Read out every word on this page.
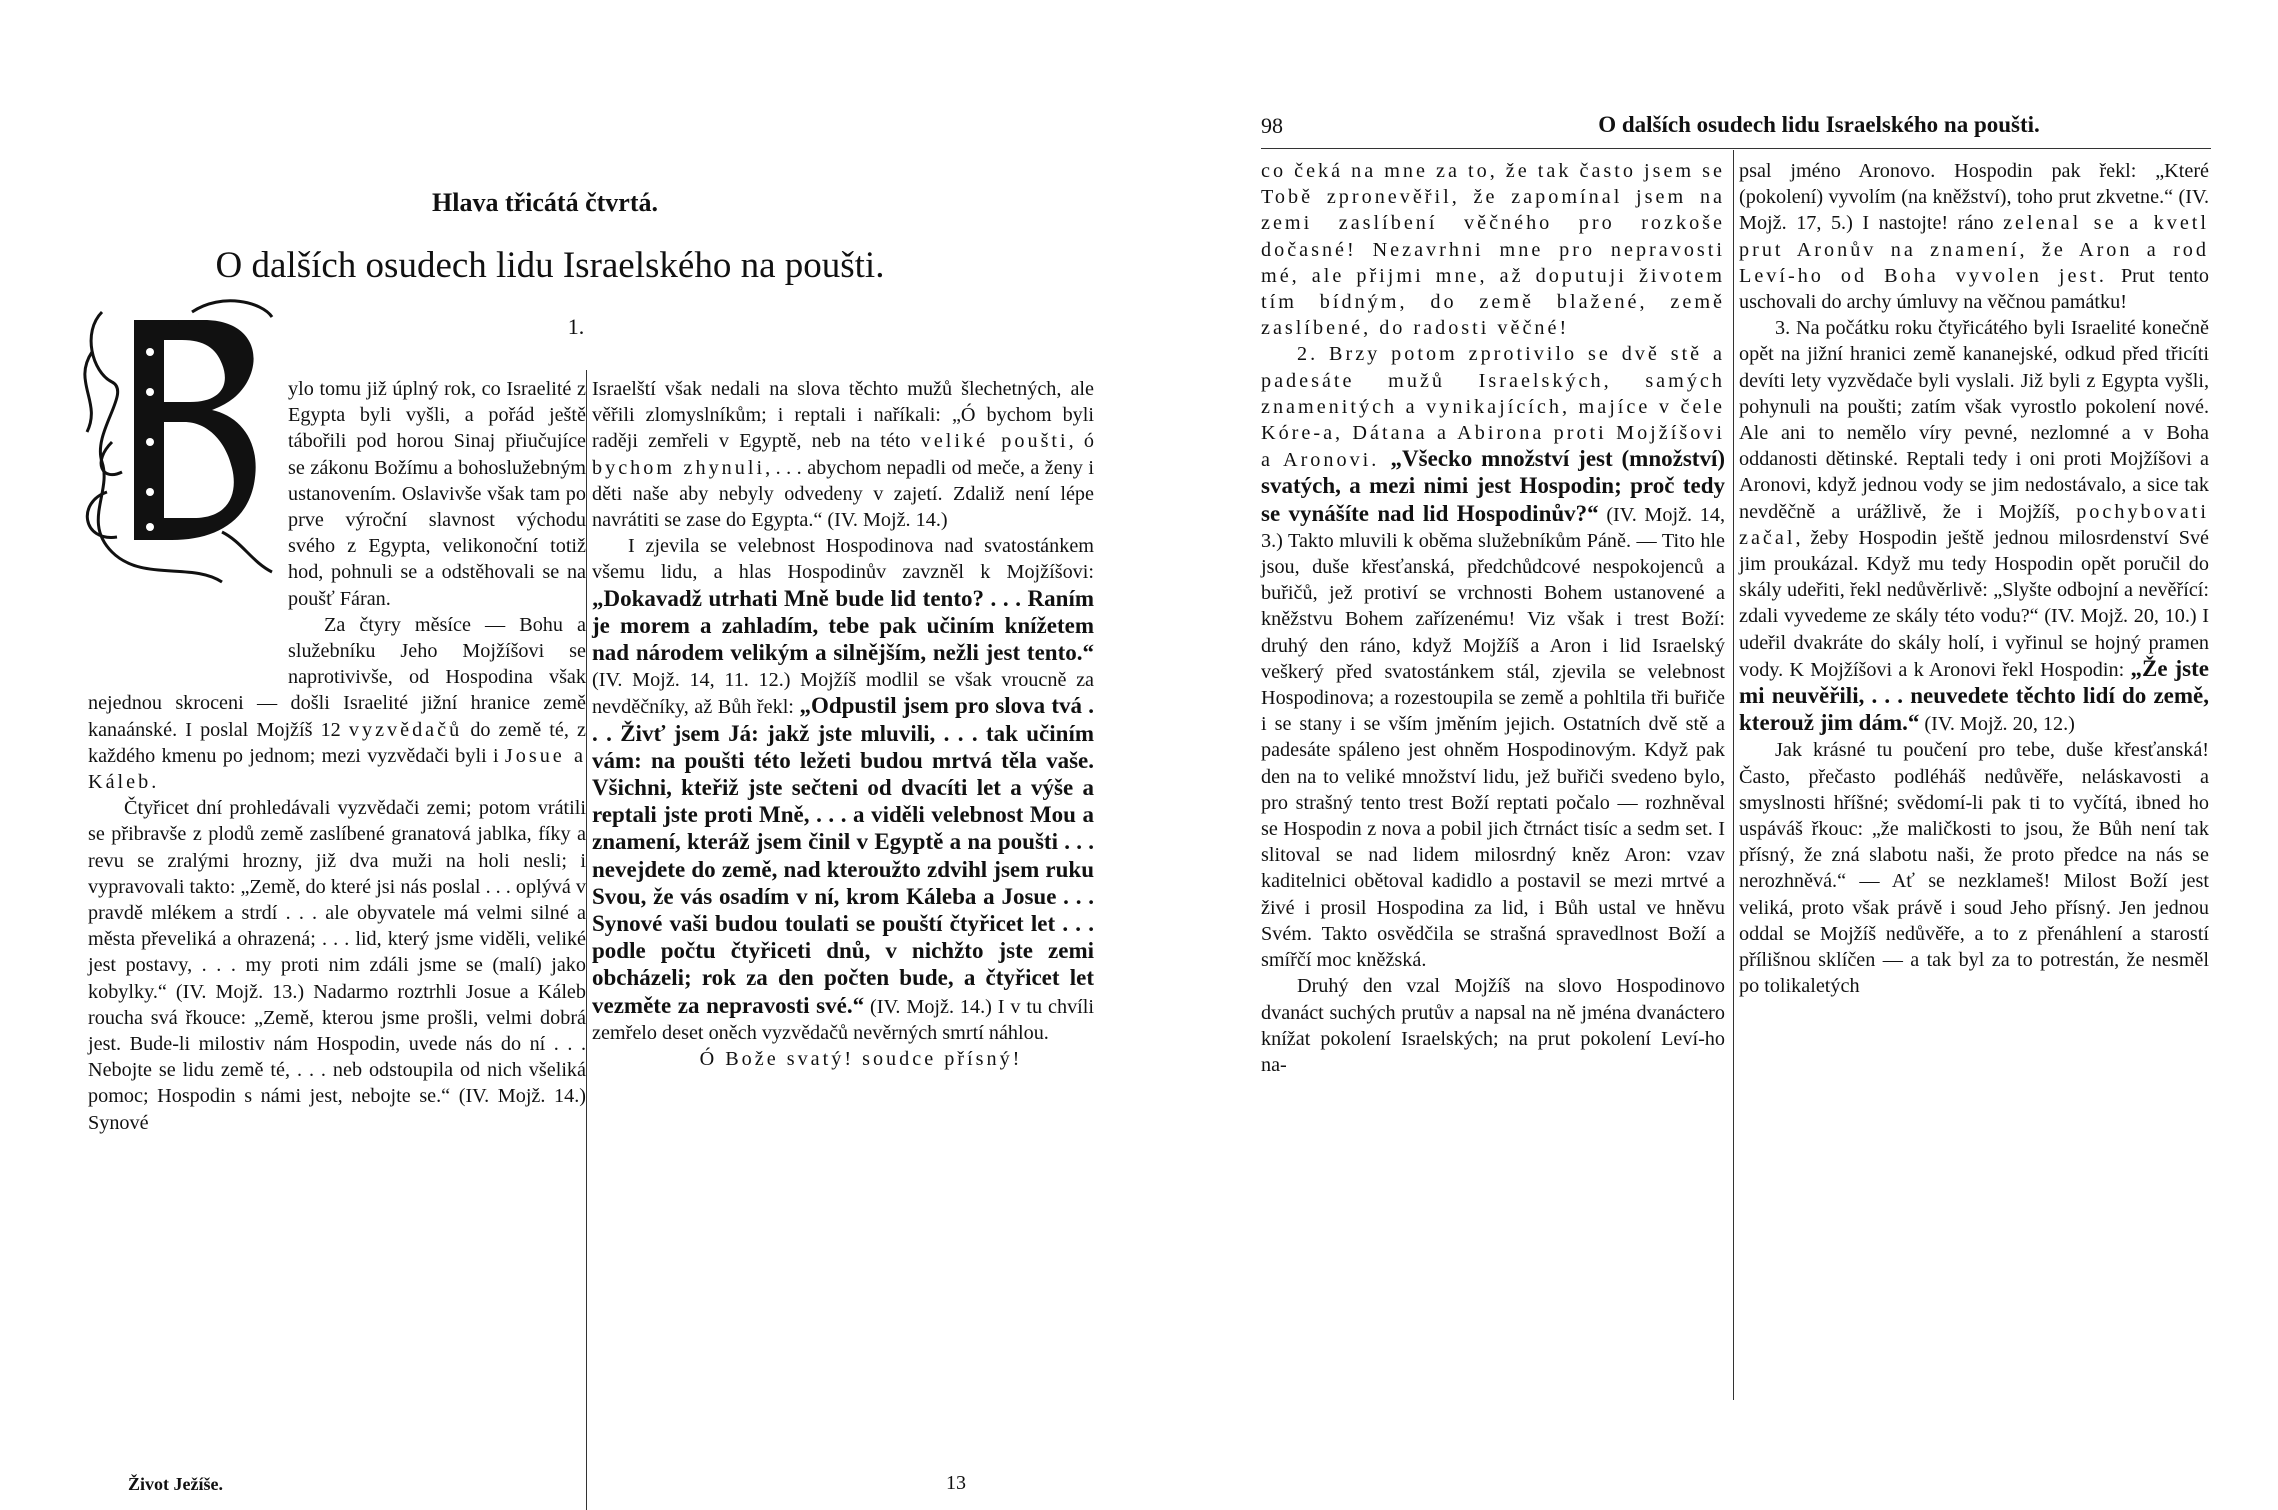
Hlava třicátá čtvrtá.
O dalších osudech lidu Israelského na poušti.
1.
B

ylo tomu již úplný rok, co Israelité z Egypta byli vyšli, a pořád ještě tábořili pod horou Sinaj přiučujíce se zákonu Božímu a bohoslužebným ustanovením. Oslavivše však tam po prve výroční slavnost východu svého z Egypta, velikonoční totiž hod, pohnuli se a odstěhovali se na poušť Fáran.

Za čtyry měsíce — Bohu a služebníku Jeho Mojžíšovi se naprotivivše, od Hospodina však nejednou skroceni — došli Israelité jižní hranice země kanaánské. I poslal Mojžíš 12 vyzvědačů do země té, z každého kmenu po jednom; mezi vyzvědači byli i Josue a Káleb.

Čtyřicet dní prohledávali vyzvědači zemi; potom vrátili se přibravše z plodů země zaslíbené granatová jablka, fíky a revu se zralými hrozny, již dva muži na holi nesli; i vypravovali takto: „Země, do které jsi nás poslal . . . oplývá v pravdě mlékem a strdí . . . ale obyvatele má velmi silné a města převeliká a ohrazená; . . . lid, který jsme viděli, veliké jest postavy, . . . my proti nim zdáli jsme se (malí) jako kobylky.“ (IV. Mojž. 13.) Nadarmo roztrhli Josue a Káleb roucha svá řkouce: „Země, kterou jsme prošli, velmi dobrá jest. Bude-li milostiv nám Hospodin, uvede nás do ní . . . Nebojte se lidu země té, . . . neb odstoupila od nich všeliká pomoc; Hospodin s námi jest, nebojte se.“ (IV. Mojž. 14.) Synové

Israelští však nedali na slova těchto mužů šlechetných, ale věřili zlomyslníkům; i reptali i naříkali: „Ó bychom byli raději zemřeli v Egyptě, neb na této veliké poušti, ó bychom zhynuli, . . . abychom nepadli od meče, a ženy i děti naše aby nebyly odvedeny v zajetí. Zdaliž není lépe navrátiti se zase do Egypta.“ (IV. Mojž. 14.)

I zjevila se velebnost Hospodinova nad svatostánkem všemu lidu, a hlas Hospodinův zavzněl k Mojžíšovi: „Dokavadž utrhati Mně bude lid tento? . . . Raním je morem a zahladím, tebe pak učiním knížetem nad národem velikým a silnějším, nežli jest tento.“ (IV. Mojž. 14, 11. 12.) Mojžíš modlil se však vroucně za nevděčníky, až Bůh řekl: „Odpustil jsem pro slova tvá . . . Živť jsem Já: jakž jste mluvili, . . . tak učiním vám: na poušti této ležeti budou mrtvá těla vaše. Všichni, kteřiž jste sečteni od dvacíti let a výše a reptali jste proti Mně, . . . a viděli velebnost Mou a znamení, kteráž jsem činil v Egyptě a na poušti . . . nevejdete do země, nad kteroužto zdvihl jsem ruku Svou, že vás osadím v ní, krom Káleba a Josue . . . Synové vaši budou toulati se pouští čtyřicet let . . . podle počtu čtyřiceti dnů, v nichžto jste zemi obcházeli; rok za den počten bude, a čtyřicet let vezměte za nepravosti své.“ (IV. Mojž. 14.) I v tu chvíli zemřelo deset oněch vyzvědačů nevěrných smrtí náhlou.

Ó Bože svatý! soudce přísný!

Život Ježíše.	13
98	O dalších osudech lidu Israelského na poušti.

co čeká na mne za to, že tak často jsem se Tobě zpronevěřil, že zapomínal jsem na zemi zaslíbení věčného pro rozkoše dočasné! Nezavrhni mne pro nepravosti mé, ale přijmi mne, až doputuji životem tím bídným, do země blažené, země zaslíbené, do radosti věčné!

2. Brzy potom zprotivilo se dvě stě a padesáte mužů Israelských, samých znamenitých a vynikajících, majíce v čele Kóre-a, Dátana a Abirona proti Mojžíšovi a Aronovi. „Všecko množství jest (množství) svatých, a mezi nimi jest Hospodin; proč tedy se vynášíte nad lid Hospodinův?“ (IV. Mojž. 14, 3.) Takto mluvili k oběma služebníkům Páně. — Tito hle jsou, duše křesťanská, předchůdcové nespokojenců a buřičů, jež protiví se vrchnosti Bohem ustanovené a kněžstvu Bohem zařízenému! Viz však i trest Boží: druhý den ráno, když Mojžíš a Aron i lid Israelský veškerý před svatostánkem stál, zjevila se velebnost Hospodinova; a rozestoupila se země a pohltila tři buřiče i se stany i se vším jměním jejich. Ostatních dvě stě a padesáte spáleno jest ohněm Hospodinovým. Když pak den na to veliké množství lidu, jež buřiči svedeno bylo, pro strašný tento trest Boží reptati počalo — rozhněval se Hospodin z nova a pobil jich čtrnáct tisíc a sedm set. I slitoval se nad lidem milosrdný kněz Aron: vzav kaditelnici obětoval kadidlo a postavil se mezi mrtvé a živé i prosil Hospodina za lid, i Bůh ustal ve hněvu Svém. Takto osvědčila se strašná spravedlnost Boží a smířčí moc kněžská.

Druhý den vzal Mojžíš na slovo Hospodinovo dvanáct suchých prutův a napsal na ně jména dvanáctero knížat pokolení Israelských; na prut pokolení Leví-ho na-

psal jméno Aronovo. Hospodin pak řekl: „Které (pokolení) vyvolím (na kněžství), toho prut zkvetne.“ (IV. Mojž. 17, 5.) I nastojte! ráno zelenal se a kvetl prut Aronův na znamení, že Aron a rod Leví-ho od Boha vyvolen jest. Prut tento uschovali do archy úmluvy na věčnou památku!

3. Na počátku roku čtyřicátého byli Israelité konečně opět na jižní hranici země kananejské, odkud před třicíti devíti lety vyzvědače byli vyslali. Již byli z Egypta vyšli, pohynuli na poušti; zatím však vyrostlo pokolení nové. Ale ani to nemělo víry pevné, nezlomné a v Boha oddanosti dětinské. Reptali tedy i oni proti Mojžíšovi a Aronovi, když jednou vody se jim nedostávalo, a sice tak nevděčně a urážlivě, že i Mojžíš, pochybovati začal, žeby Hospodin ještě jednou milosrdenství Své jim proukázal. Když mu tedy Hospodin opět poručil do skály udeřiti, řekl nedůvěrlivě: „Slyšte odbojní a nevěřící: zdali vyvedeme ze skály této vodu?“ (IV. Mojž. 20, 10.) I udeřil dvakráte do skály holí, i vyřinul se hojný pramen vody. K Mojžíšovi a k Aronovi řekl Hospodin: „Že jste mi neuvěřili, . . . neuvedete těchto lidí do země, kterouž jim dám.“ (IV. Mojž. 20, 12.)

Jak krásné tu poučení pro tebe, duše křesťanská! Často, přečasto podléháš nedůvěře, neláskavosti a smyslnosti hříšné; svědomí-li pak ti to vyčítá, ibned ho uspáváš řkouc: „že maličkosti to jsou, že Bůh není tak přísný, že zná slabotu naši, že proto předce na nás se nerozhněvá.“ — Ať se nezklameš! Milost Boží jest veliká, proto však právě i soud Jeho přísný. Jen jednou oddal se Mojžíš nedůvěře, a to z přenáhlení a starostí přílišnou sklíčen — a tak byl za to potrestán, že nesměl po tolikaletých
